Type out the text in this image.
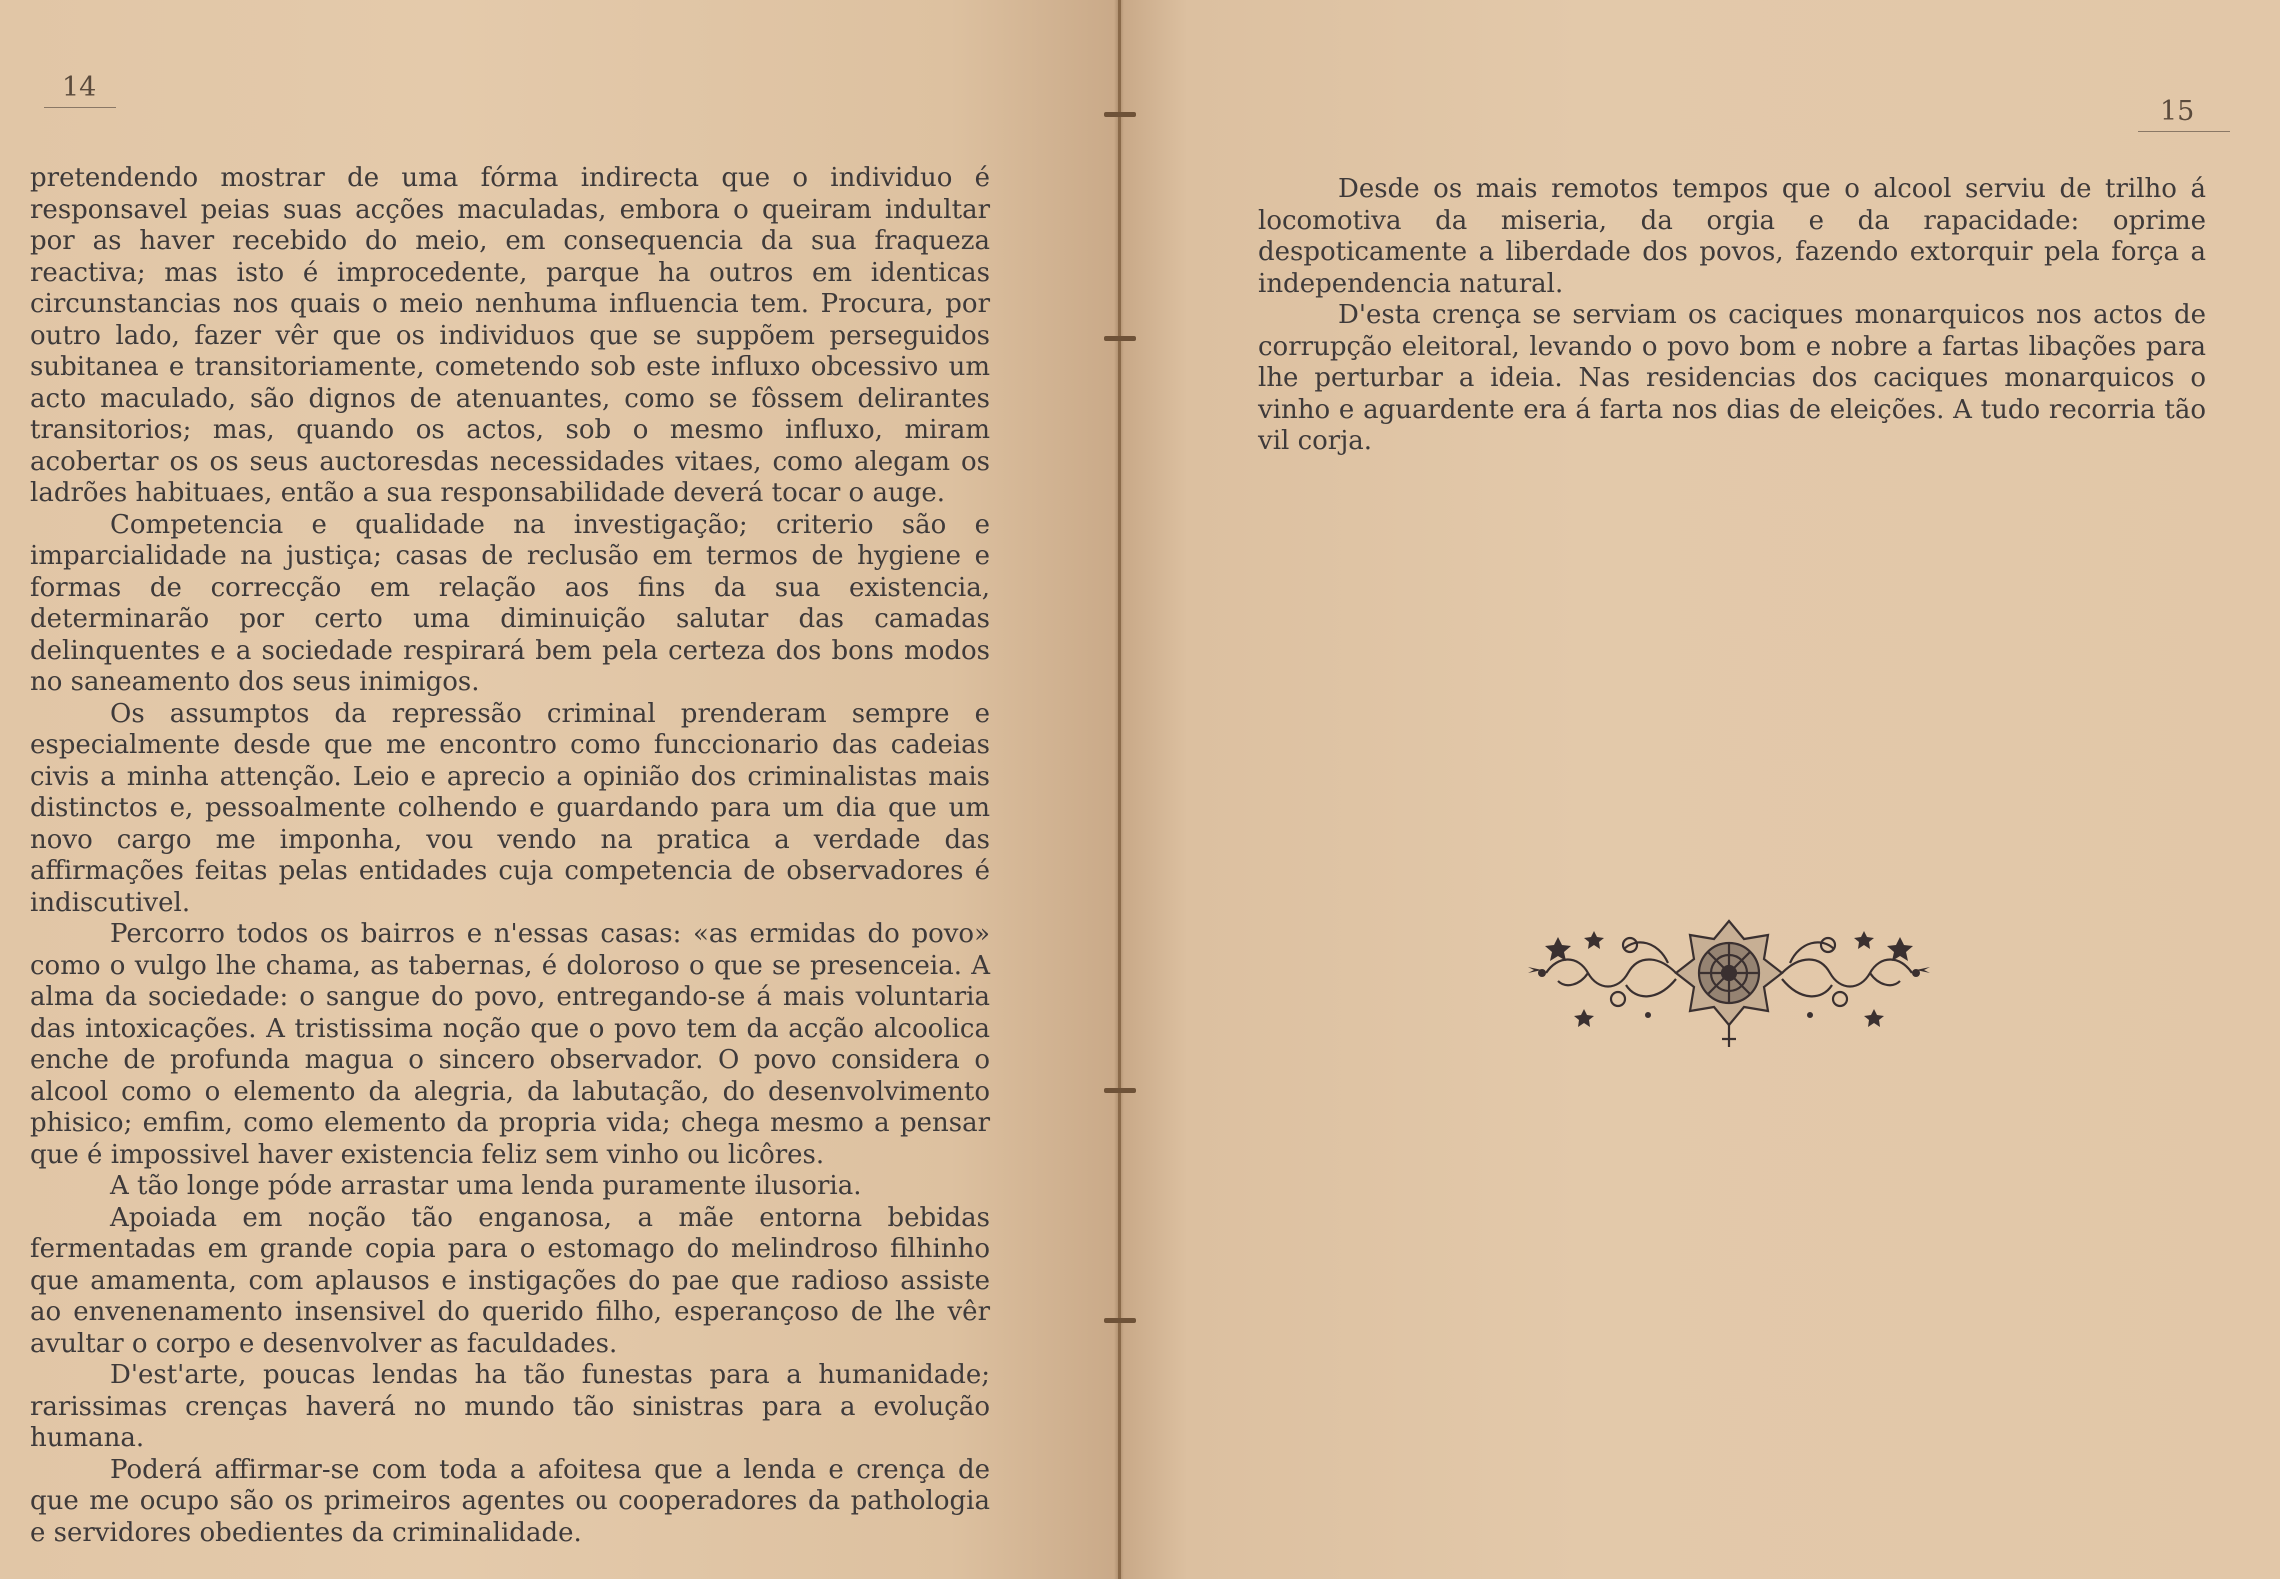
14

pretendendo mostrar de uma fórma indirecta que o individuo é responsavel peias suas acções maculadas, embora o queiram indultar por as haver recebido do meio, em consequencia da sua fraqueza reactiva; mas isto é improcedente, parque ha outros em identicas circunstancias nos quais o meio nenhuma influencia tem. Procura, por outro lado, fazer vêr que os individuos que se suppõem perseguidos subitanea e transitoriamente, cometendo sob este influxo obcessivo um acto maculado, são dignos de atenuantes, como se fôssem delirantes transitorios; mas, quando os actos, sob o mesmo influxo, miram acobertar os os seus auctoresdas necessidades vitaes, como alegam os ladrões habituaes, então a sua responsabilidade deverá tocar o auge.

Competencia e qualidade na investigação; criterio são e imparcialidade na justiça; casas de reclusão em termos de hygiene e formas de correcção em relação aos fins da sua existencia, determinarão por certo uma diminuição salutar das camadas delinquentes e a sociedade respirará bem pela certeza dos bons modos no saneamento dos seus inimigos.

Os assumptos da repressão criminal prenderam sempre e especialmente desde que me encontro como funccionario das cadeias civis a minha attenção. Leio e aprecio a opinião dos criminalistas mais distinctos e, pessoalmente colhendo e guardando para um dia que um novo cargo me imponha, vou vendo na pratica a verdade das affirmações feitas pelas entidades cuja competencia de observadores é indiscutivel.

Percorro todos os bairros e n'essas casas: «as ermidas do povo» como o vulgo lhe chama, as tabernas, é doloroso o que se presenceia. A alma da sociedade: o sangue do povo, entregando-se á mais voluntaria das intoxicações. A tristissima noção que o povo tem da acção alcoolica enche de profunda magua o sincero observador. O povo considera o alcool como o elemento da alegria, da labutação, do desenvolvimento phisico; emfim, como elemento da propria vida; chega mesmo a pensar que é impossivel haver existencia feliz sem vinho ou licôres.

A tão longe póde arrastar uma lenda puramente ilusoria.

Apoiada em noção tão enganosa, a mãe entorna bebidas fermentadas em grande copia para o estomago do melindroso filhinho que amamenta, com aplausos e instigações do pae que radioso assiste ao envenenamento insensivel do querido filho, esperançoso de lhe vêr avultar o corpo e desenvolver as faculdades.

D'est'arte, poucas lendas ha tão funestas para a humanidade; rarissimas crenças haverá no mundo tão sinistras para a evolução humana.

Poderá affirmar-se com toda a afoitesa que a lenda e crença de que me ocupo são os primeiros agentes ou cooperadores da pathologia e servidores obedientes da criminalidade.

15

Desde os mais remotos tempos que o alcool serviu de trilho á locomotiva da miseria, da orgia e da rapacidade: oprime despoticamente a liberdade dos povos, fazendo extorquir pela força a independencia natural.

D'esta crença se serviam os caciques monarquicos nos actos de corrupção eleitoral, levando o povo bom e nobre a fartas libações para lhe perturbar a ideia. Nas residencias dos caciques monarquicos o vinho e aguardente era á farta nos dias de eleições. A tudo recorria tão vil corja.
